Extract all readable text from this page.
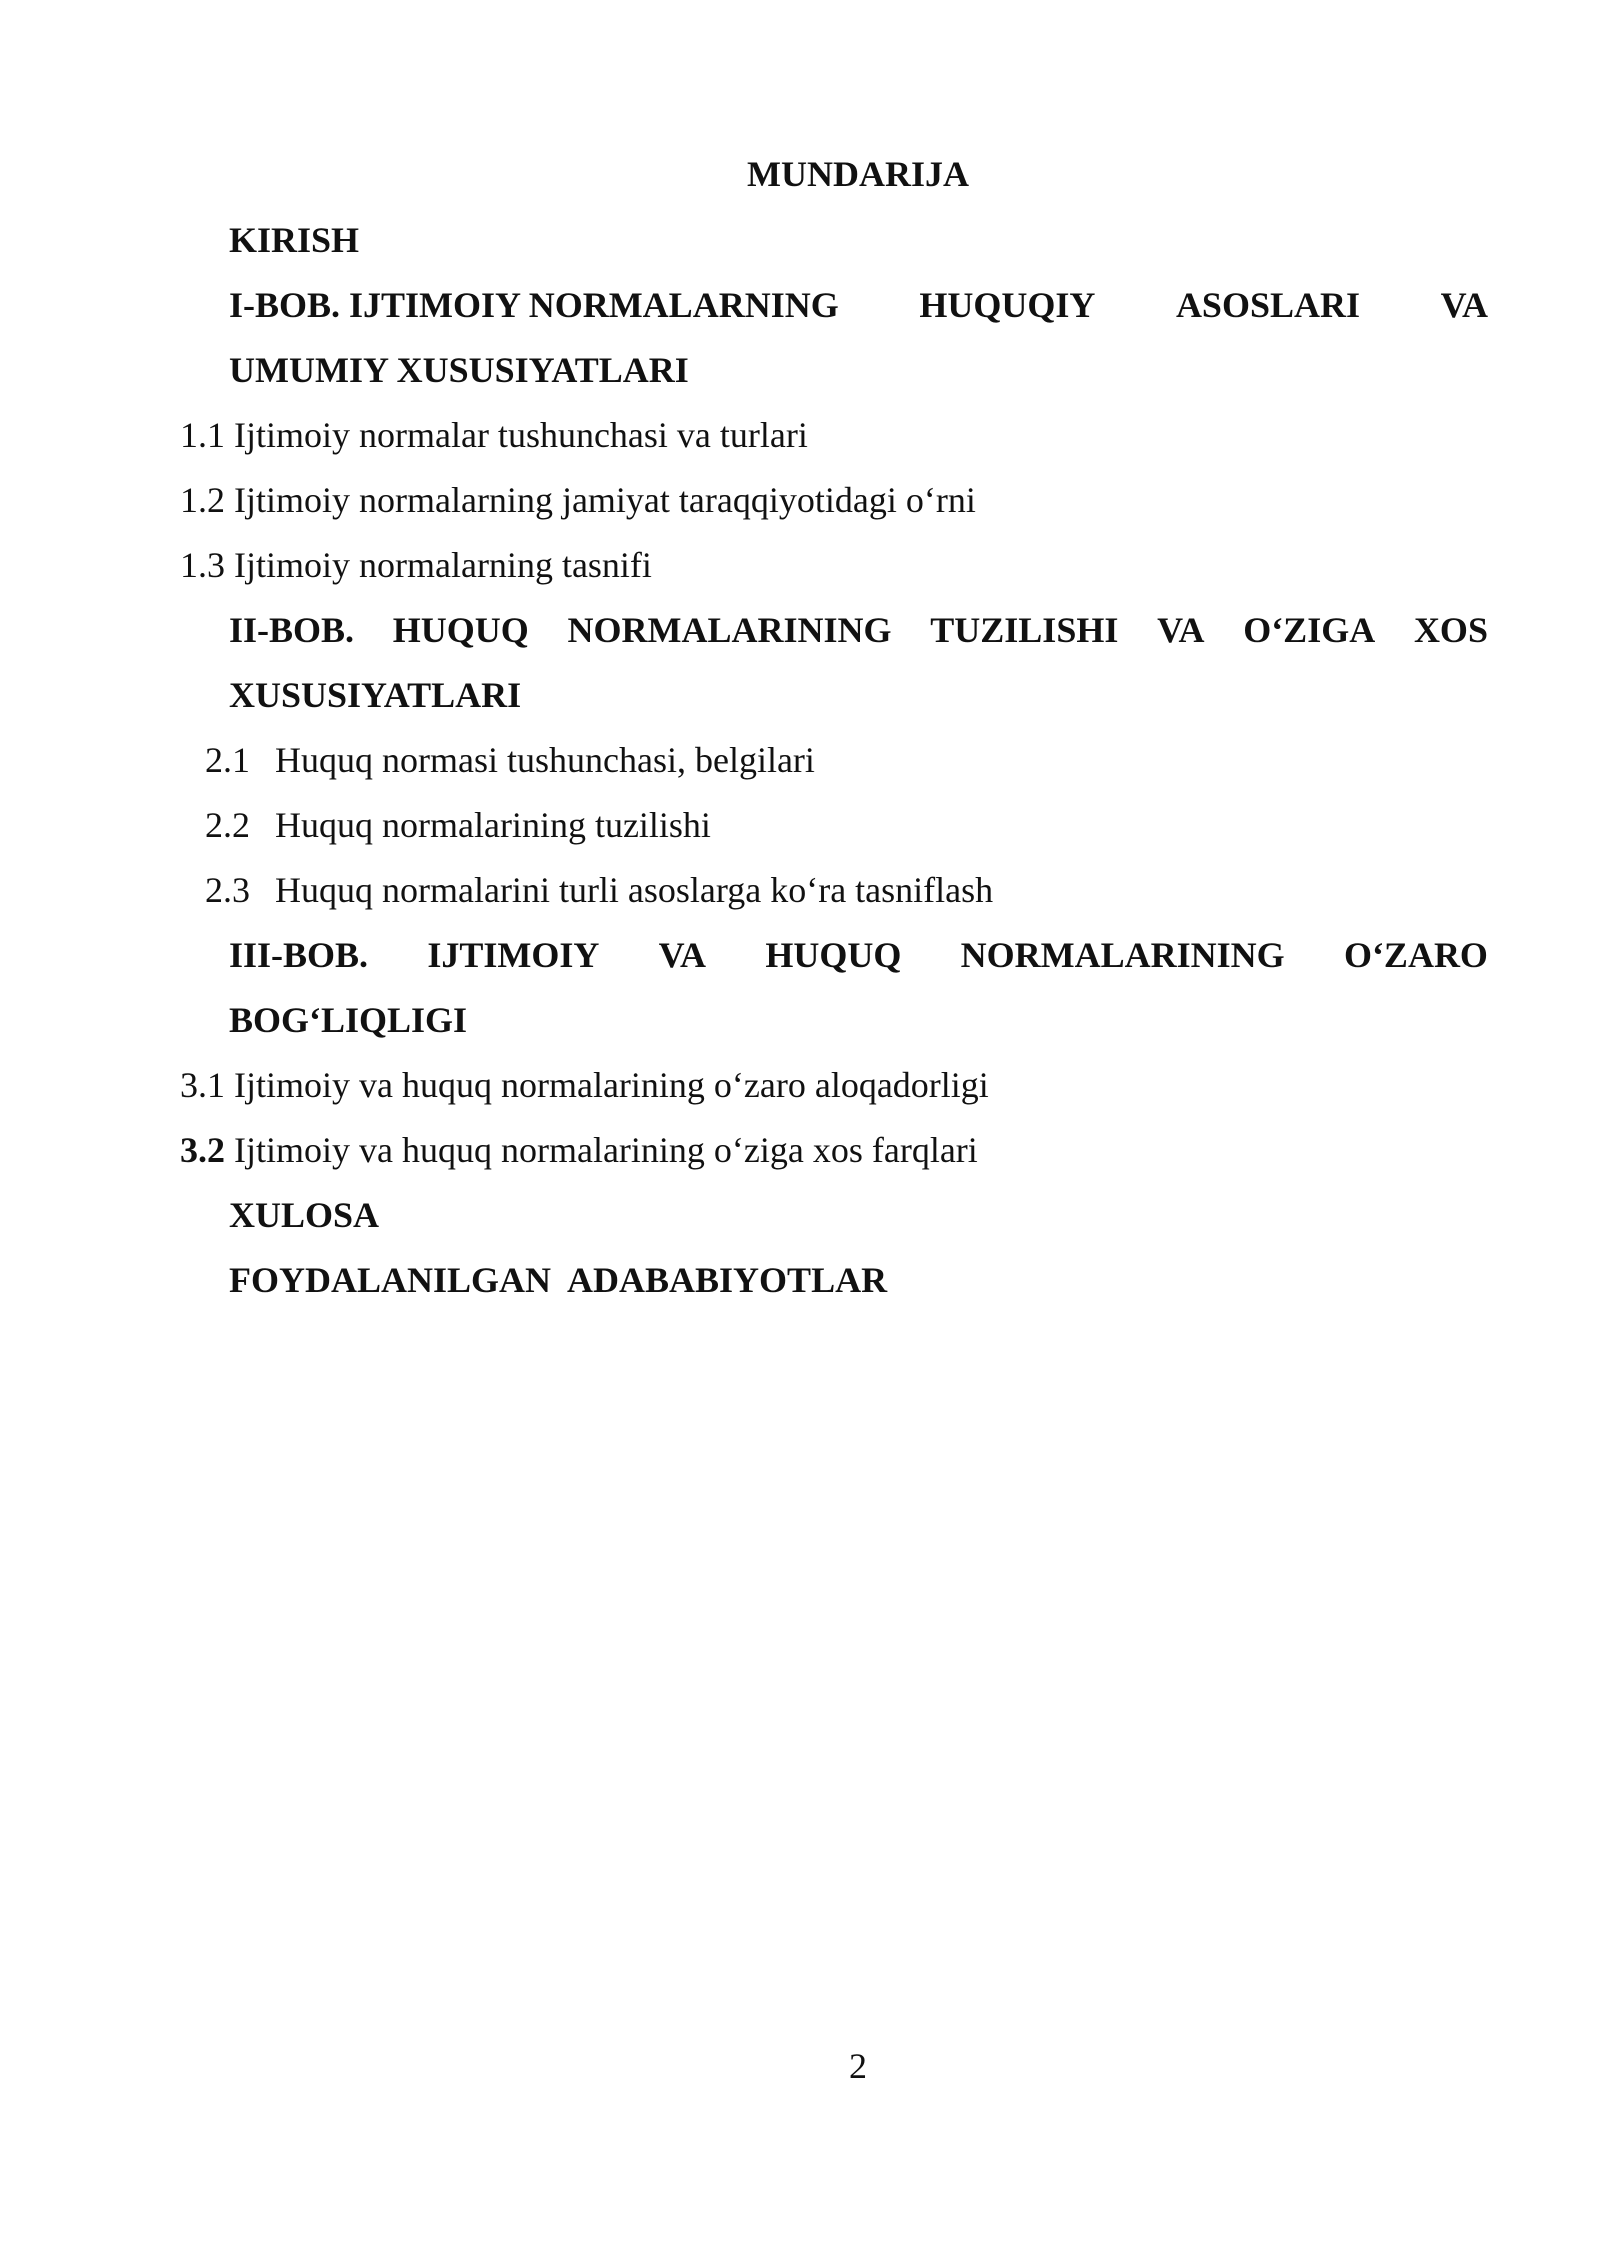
MUNDARIJA
KIRISH
I-BOB. IJTIMOIY NORMALARNING HUQUQIY ASOSLARI VA
UMUMIY XUSUSIYATLARI
1.1 Ijtimoiy normalar tushunchasi va turlari
1.2 Ijtimoiy normalarning jamiyat taraqqiyotidagi o‘rni
1.3 Ijtimoiy normalarning tasnifi
II-BOB. HUQUQ NORMALARINING TUZILISHI VA O‘ZIGA XOS
XUSUSIYATLARI
2.1 Huquq normasi tushunchasi, belgilari
2.2 Huquq normalarining tuzilishi
2.3 Huquq normalarini turli asoslarga ko‘ra tasniflash
III-BOB. IJTIMOIY VA HUQUQ NORMALARINING O‘ZARO
BOG‘LIQLIGI
3.1 Ijtimoiy va huquq normalarining o‘zaro aloqadorligi
3.2 Ijtimoiy va huquq normalarining o‘ziga xos farqlari
XULOSA
FOYDALANILGAN  ADABABIYOTLAR
2
